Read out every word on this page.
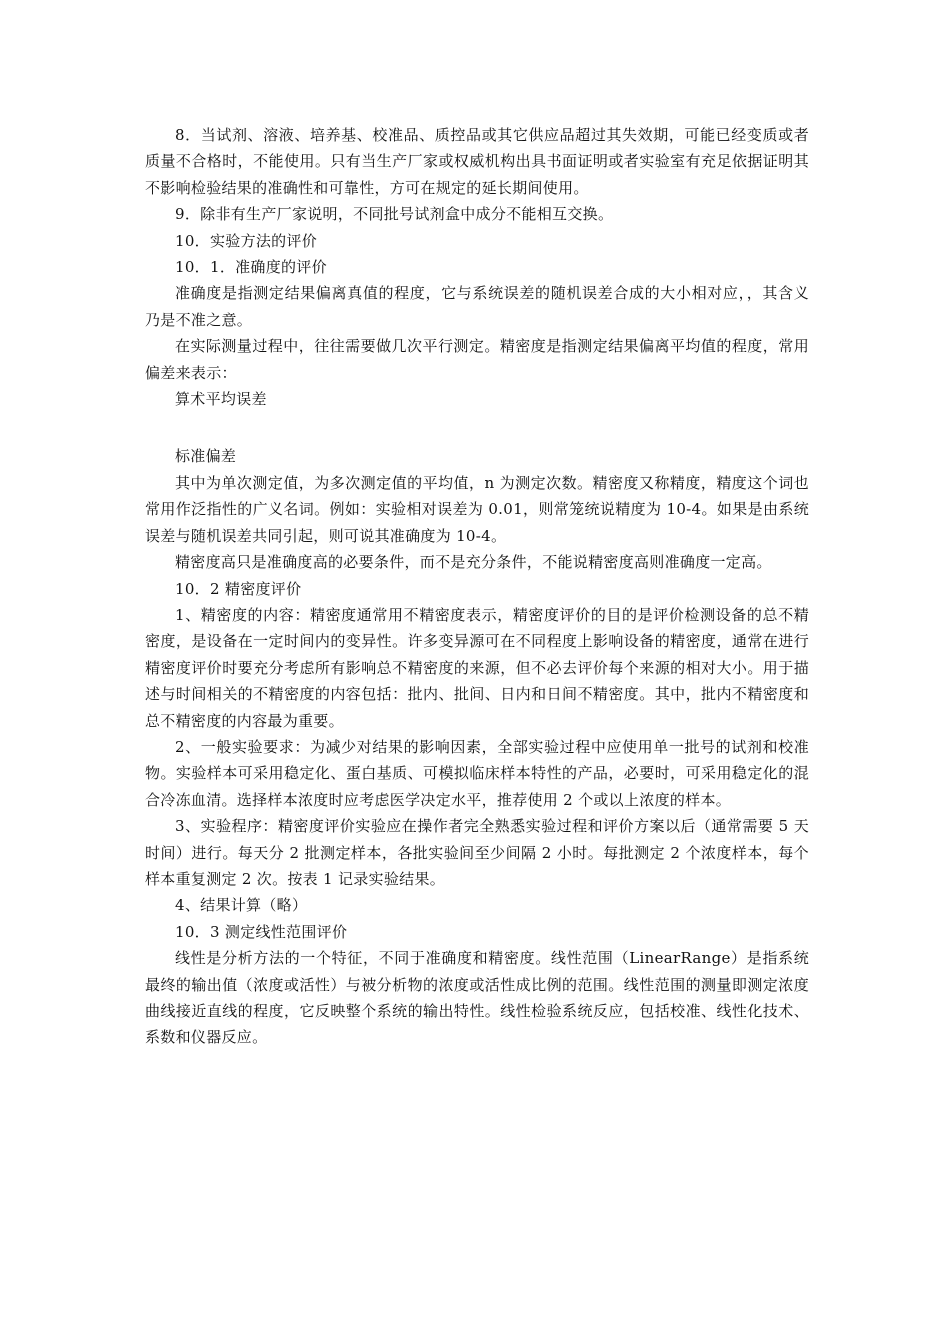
8．当试剂、溶液、培养基、校准品、质控品或其它供应品超过其失效期，可能已经变质或者质量不合格时，不能使用。只有当生产厂家或权威机构出具书面证明或者实验室有充足依据证明其不影响检验结果的准确性和可靠性，方可在规定的延长期间使用。

9．除非有生产厂家说明，不同批号试剂盒中成分不能相互交换。

10．实验方法的评价

10．1．准确度的评价

准确度是指测定结果偏离真值的程度，它与系统误差的随机误差合成的大小相对应，，其含义乃是不准之意。

在实际测量过程中，往往需要做几次平行测定。精密度是指测定结果偏离平均值的程度，常用偏差来表示：

算术平均误差

标准偏差

其中为单次测定值，为多次测定值的平均值，n 为测定次数。精密度又称精度，精度这个词也常用作泛指性的广义名词。例如：实验相对误差为 0.01，则常笼统说精度为 10-4。如果是由系统误差与随机误差共同引起，则可说其准确度为 10-4。

精密度高只是准确度高的必要条件，而不是充分条件，不能说精密度高则准确度一定高。

10．2 精密度评价

1、精密度的内容：精密度通常用不精密度表示，精密度评价的目的是评价检测设备的总不精密度，是设备在一定时间内的变异性。许多变异源可在不同程度上影响设备的精密度，通常在进行精密度评价时要充分考虑所有影响总不精密度的来源，但不必去评价每个来源的相对大小。用于描述与时间相关的不精密度的内容包括：批内、批间、日内和日间不精密度。其中，批内不精密度和总不精密度的内容最为重要。

2、一般实验要求：为减少对结果的影响因素，全部实验过程中应使用单一批号的试剂和校准物。实验样本可采用稳定化、蛋白基质、可模拟临床样本特性的产品，必要时，可采用稳定化的混合冷冻血清。选择样本浓度时应考虑医学决定水平，推荐使用 2 个或以上浓度的样本。

3、实验程序：精密度评价实验应在操作者完全熟悉实验过程和评价方案以后（通常需要 5 天时间）进行。每天分 2 批测定样本，各批实验间至少间隔 2 小时。每批测定 2 个浓度样本，每个样本重复测定 2 次。按表 1 记录实验结果。

4、结果计算（略）

10．3 测定线性范围评价

线性是分析方法的一个特征，不同于准确度和精密度。线性范围（LinearRange）是指系统最终的输出值（浓度或活性）与被分析物的浓度或活性成比例的范围。线性范围的测量即测定浓度曲线接近直线的程度，它反映整个系统的输出特性。线性检验系统反应，包括校准、线性化技术、系数和仪器反应。
